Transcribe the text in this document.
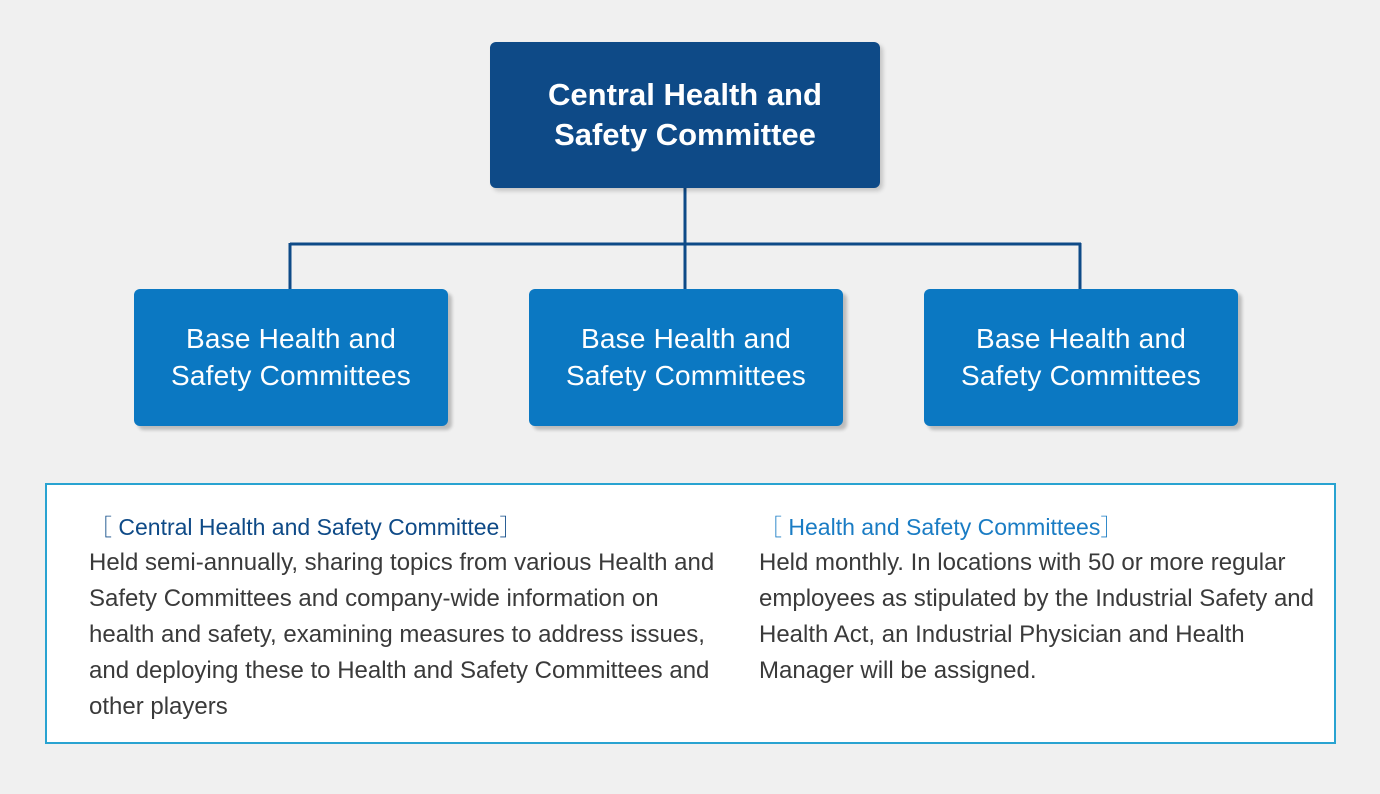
Central Health and
Safety Committee
Base Health and
Safety Committees
Base Health and
Safety Committees
Base Health and
Safety Committees
［ Central Health and Safety Committee］
Held semi-annually, sharing topics from various Health and Safety Committees and company-wide information on health and safety, examining measures to address issues, and deploying these to Health and Safety Committees and other players
［ Health and Safety Committees］
Held monthly. In locations with 50 or more regular employees as stipulated by the Industrial Safety and Health Act, an Industrial Physician and Health Manager will be assigned.
